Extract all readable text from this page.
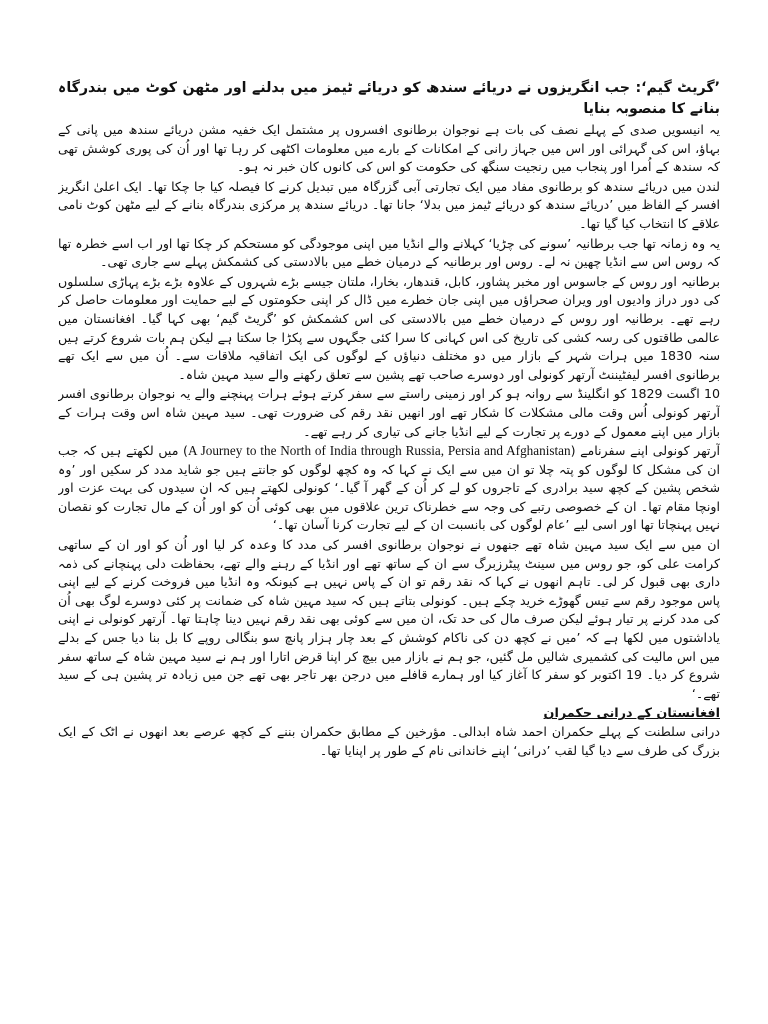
’گریٹ گیم‘: جب انگریزوں نے دریائے سندھ کو دریائے ٹیمز میں بدلنے اور مٹھن کوٹ میں بندرگاہ بنانے کا منصوبہ بنایا

یہ انیسویں صدی کے پہلے نصف کی بات ہے نوجوان برطانوی افسروں پر مشتمل ایک خفیہ مشن دریائے سندھ میں پانی کے بہاؤ، اس کی گہرائی اور اس میں جہاز رانی کے امکانات کے بارے میں معلومات اکٹھی کر رہا تھا اور اُن کی پوری کوشش تھی کہ سندھ کے اُمرا اور پنجاب میں رنجیت سنگھ کی حکومت کو اس کی کانوں کان خبر نہ ہو۔

لندن میں دریائے سندھ کو برطانوی مفاد میں ایک تجارتی آبی گزرگاہ میں تبدیل کرنے کا فیصلہ کیا جا چکا تھا۔ ایک اعلیٰ انگریز افسر کے الفاظ میں ’دریائے سندھ کو دریائے ٹیمز میں بدلا‘ جانا تھا۔ دریائے سندھ پر مرکزی بندرگاہ بنانے کے لیے مٹھن کوٹ نامی علاقے کا انتخاب کیا گیا تھا۔

یہ وہ زمانہ تھا جب برطانیہ ’سونے کی چڑیا‘ کہلانے والے انڈیا میں اپنی موجودگی کو مستحکم کر چکا تھا اور اب اسے خطرہ تھا کہ روس اس سے انڈیا چھین نہ لے۔ روس اور برطانیہ کے درمیان خطے میں بالادستی کی کشمکش پہلے سے جاری تھی۔

برطانیہ اور روس کے جاسوس اور مخبر پشاور، کابل، قندھار، بخارا، ملتان جیسے بڑے شہروں کے علاوہ بڑے بڑے پہاڑی سلسلوں کی دور دراز وادیوں اور ویران صحراؤں میں اپنی جان خطرے میں ڈال کر اپنی حکومتوں کے لیے حمایت اور معلومات حاصل کر رہے تھے۔ برطانیہ اور روس کے درمیان خطے میں بالادستی کی اس کشمکش کو ’گریٹ گیم‘ بھی کہا گیا۔ افغانستان میں عالمی طاقتوں کی رسہ کشی کی تاریخ کی اس کہانی کا سرا کئی جگہوں سے پکڑا جا سکتا ہے لیکن ہم بات شروع کرتے ہیں سنہ 1830 میں ہرات شہر کے بازار میں دو مختلف دنیاؤں کے لوگوں کی ایک اتفاقیہ ملاقات سے۔ اُن میں سے ایک تھے برطانوی افسر لیفٹیننٹ آرتھر کونولی اور دوسرے صاحب تھے پشین سے تعلق رکھنے والے سید مہین شاہ۔

10 اگست 1829 کو انگلینڈ سے روانہ ہو کر اور زمینی راستے سے سفر کرتے ہوئے ہرات پہنچنے والے یہ نوجوان برطانوی افسر آرتھر کونولی اُس وقت مالی مشکلات کا شکار تھے اور انھیں نقد رقم کی ضرورت تھی۔ سید مہین شاہ اس وقت ہرات کے بازار میں اپنے معمول کے دورے پر تجارت کے لیے انڈیا جانے کی تیاری کر رہے تھے۔

آرتھر کونولی اپنے سفرنامے (A Journey to the North of India through Russia, Persia and Afghanistan) میں لکھتے ہیں کہ جب ان کی مشکل کا لوگوں کو پتہ چلا تو ان میں سے ایک نے کہا کہ وہ کچھ لوگوں کو جانتے ہیں جو شاید مدد کر سکیں اور ’وہ شخص پشین کے کچھ سید برادری کے تاجروں کو لے کر اُن کے گھر آ گیا۔‘ کونولی لکھتے ہیں کہ ان سیدوں کی بہت عزت اور اونچا مقام تھا۔ ان کے خصوصی رتبے کی وجہ سے خطرناک ترین علاقوں میں بھی کوئی اُن کو اور اُن کے مال تجارت کو نقصان نہیں پہنچاتا تھا اور اسی لیے ’عام لوگوں کی بانسبت ان کے لیے تجارت کرنا آسان تھا۔‘

ان میں سے ایک سید مہین شاہ تھے جنھوں نے نوجوان برطانوی افسر کی مدد کا وعدہ کر لیا اور اُن کو اور ان کے ساتھی کرامت علی کو، جو روس میں سینٹ پیٹرزبرگ سے ان کے ساتھ تھے اور انڈیا کے رہنے والے تھے، بحفاظت دلی پہنچانے کی ذمہ داری بھی قبول کر لی۔ تاہم انھوں نے کہا کہ نقد رقم تو ان کے پاس نہیں ہے کیونکہ وہ انڈیا میں فروخت کرنے کے لیے اپنی پاس موجود رقم سے تیس گھوڑے خرید چکے ہیں۔ کونولی بتاتے ہیں کہ سید مہین شاہ کی ضمانت پر کئی دوسرے لوگ بھی اُن کی مدد کرنے پر تیار ہوئے لیکن صرف مال کی حد تک، ان میں سے کوئی بھی نقد رقم نہیں دینا چاہتا تھا۔ آرتھر کونولی نے اپنی یاداشتوں میں لکھا ہے کہ ’میں نے کچھ دن کی ناکام کوشش کے بعد چار ہزار پانچ سو بنگالی روپے کا بل بنا دیا جس کے بدلے میں اس مالیت کی کشمیری شالیں مل گئیں، جو ہم نے بازار میں بیچ کر اپنا قرض اتارا اور ہم نے سید مہین شاہ کے ساتھ سفر شروع کر دیا۔ 19 اکتوبر کو سفر کا آغاز کیا اور ہمارے قافلے میں درجن بھر تاجر بھی تھے جن میں زیادہ تر پشین ہی کے سید تھے۔‘

افغانستان کے درانی حکمران

درانی سلطنت کے پہلے حکمران احمد شاہ ابدالی۔ مؤرخین کے مطابق حکمران بننے کے کچھ عرصے بعد انھوں نے اٹک کے ایک بزرگ کی طرف سے دیا گیا لقب ’درانی‘ اپنے خاندانی نام کے طور پر اپنایا تھا۔
